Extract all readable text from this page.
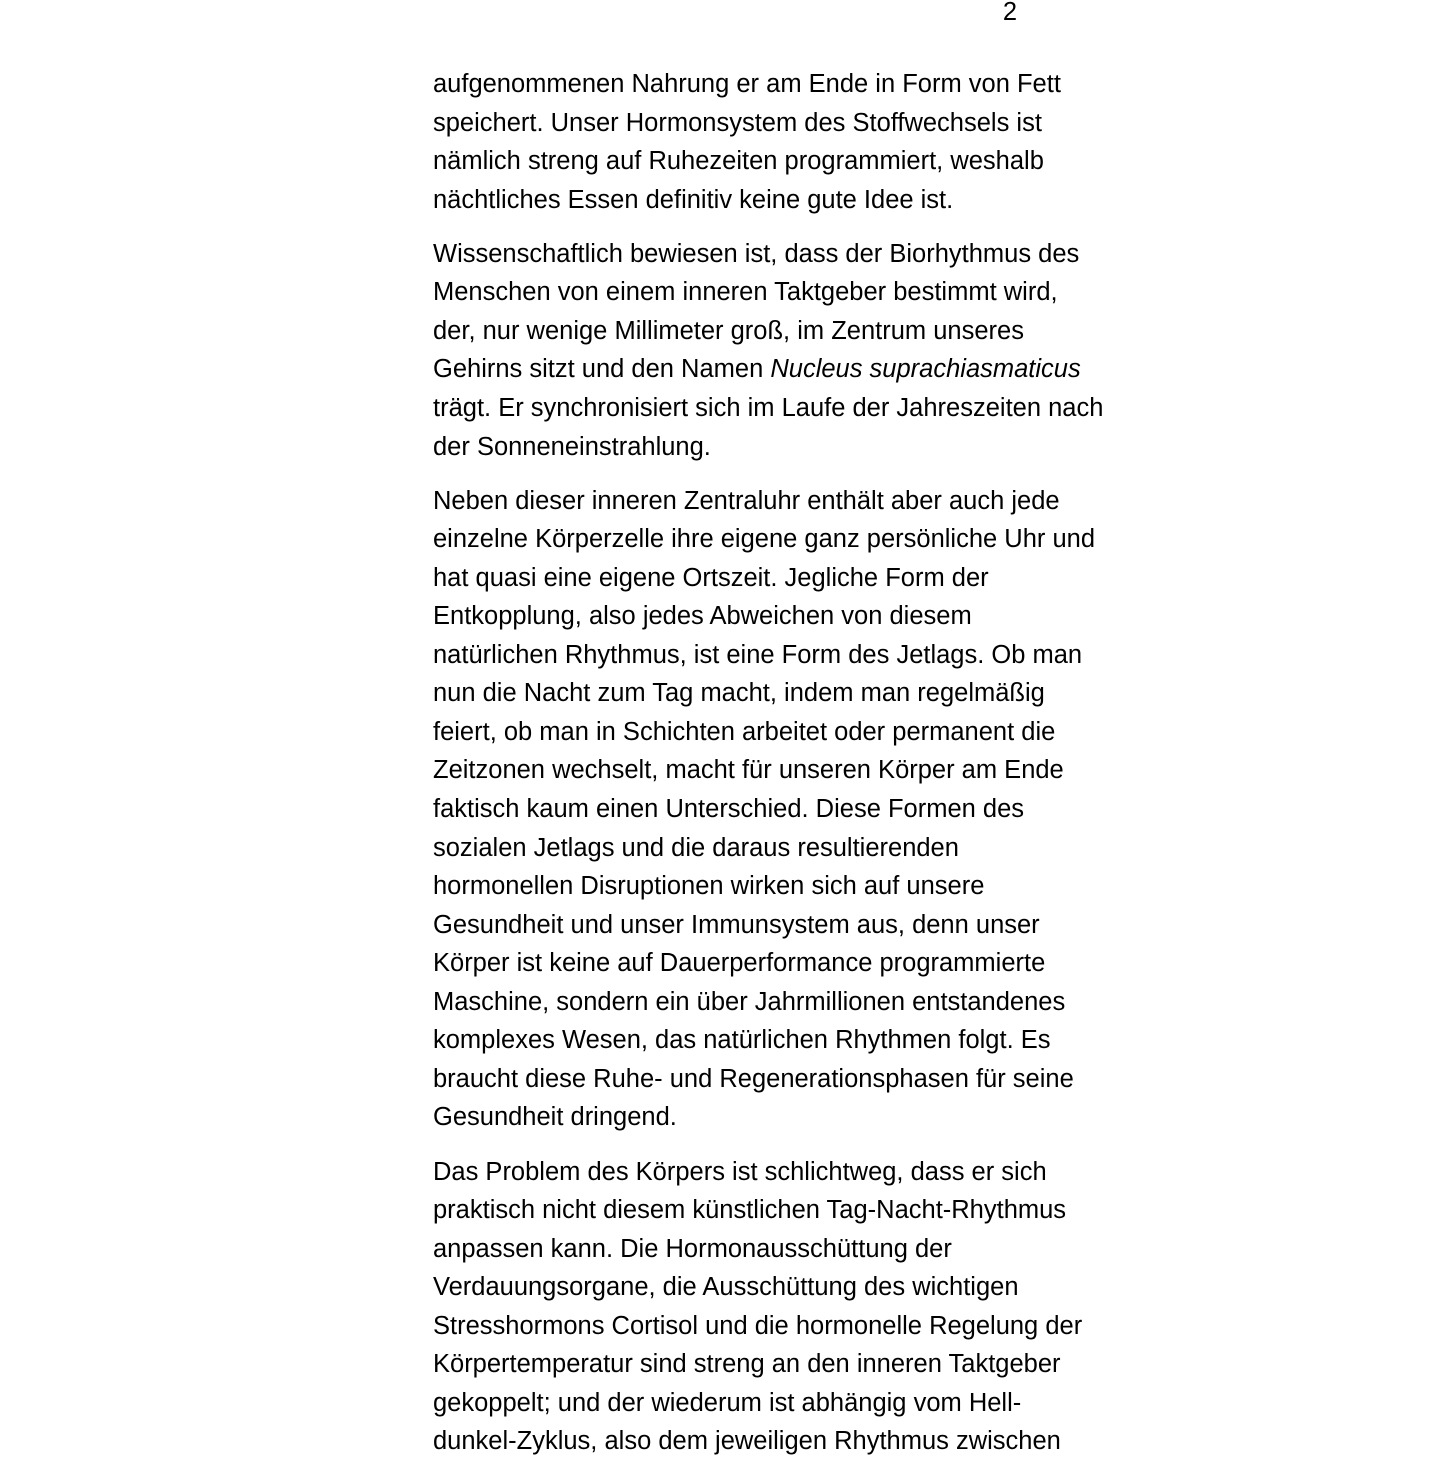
2
aufgenommenen Nahrung er am Ende in Form von Fett
speichert. Unser Hormonsystem des Stoffwechsels ist
nämlich streng auf Ruhezeiten programmiert, weshalb
nächtliches Essen definitiv keine gute Idee ist.
Wissenschaftlich bewiesen ist, dass der Biorhythmus des
Menschen von einem inneren Taktgeber bestimmt wird,
der, nur wenige Millimeter groß, im Zentrum unseres
Gehirns sitzt und den Namen Nucleus suprachiasmaticus
trägt. Er synchronisiert sich im Laufe der Jahreszeiten nach
der Sonneneinstrahlung.
Neben dieser inneren Zentraluhr enthält aber auch jede
einzelne Körperzelle ihre eigene ganz persönliche Uhr und
hat quasi eine eigene Ortszeit. Jegliche Form der
Entkopplung, also jedes Abweichen von diesem
natürlichen Rhythmus, ist eine Form des Jetlags. Ob man
nun die Nacht zum Tag macht, indem man regelmäßig
feiert, ob man in Schichten arbeitet oder permanent die
Zeitzonen wechselt, macht für unseren Körper am Ende
faktisch kaum einen Unterschied. Diese Formen des
sozialen Jetlags und die daraus resultierenden
hormonellen Disruptionen wirken sich auf unsere
Gesundheit und unser Immunsystem aus, denn unser
Körper ist keine auf Dauerperformance programmierte
Maschine, sondern ein über Jahrmillionen entstandenes
komplexes Wesen, das natürlichen Rhythmen folgt. Es
braucht diese Ruhe- und Regenerationsphasen für seine
Gesundheit dringend.
Das Problem des Körpers ist schlichtweg, dass er sich
praktisch nicht diesem künstlichen Tag-Nacht-Rhythmus
anpassen kann. Die Hormonausschüttung der
Verdauungsorgane, die Ausschüttung des wichtigen
Stresshormons Cortisol und die hormonelle Regelung der
Körpertemperatur sind streng an den inneren Taktgeber
gekoppelt; und der wiederum ist abhängig vom Hell-
dunkel-Zyklus, also dem jeweiligen Rhythmus zwischen
